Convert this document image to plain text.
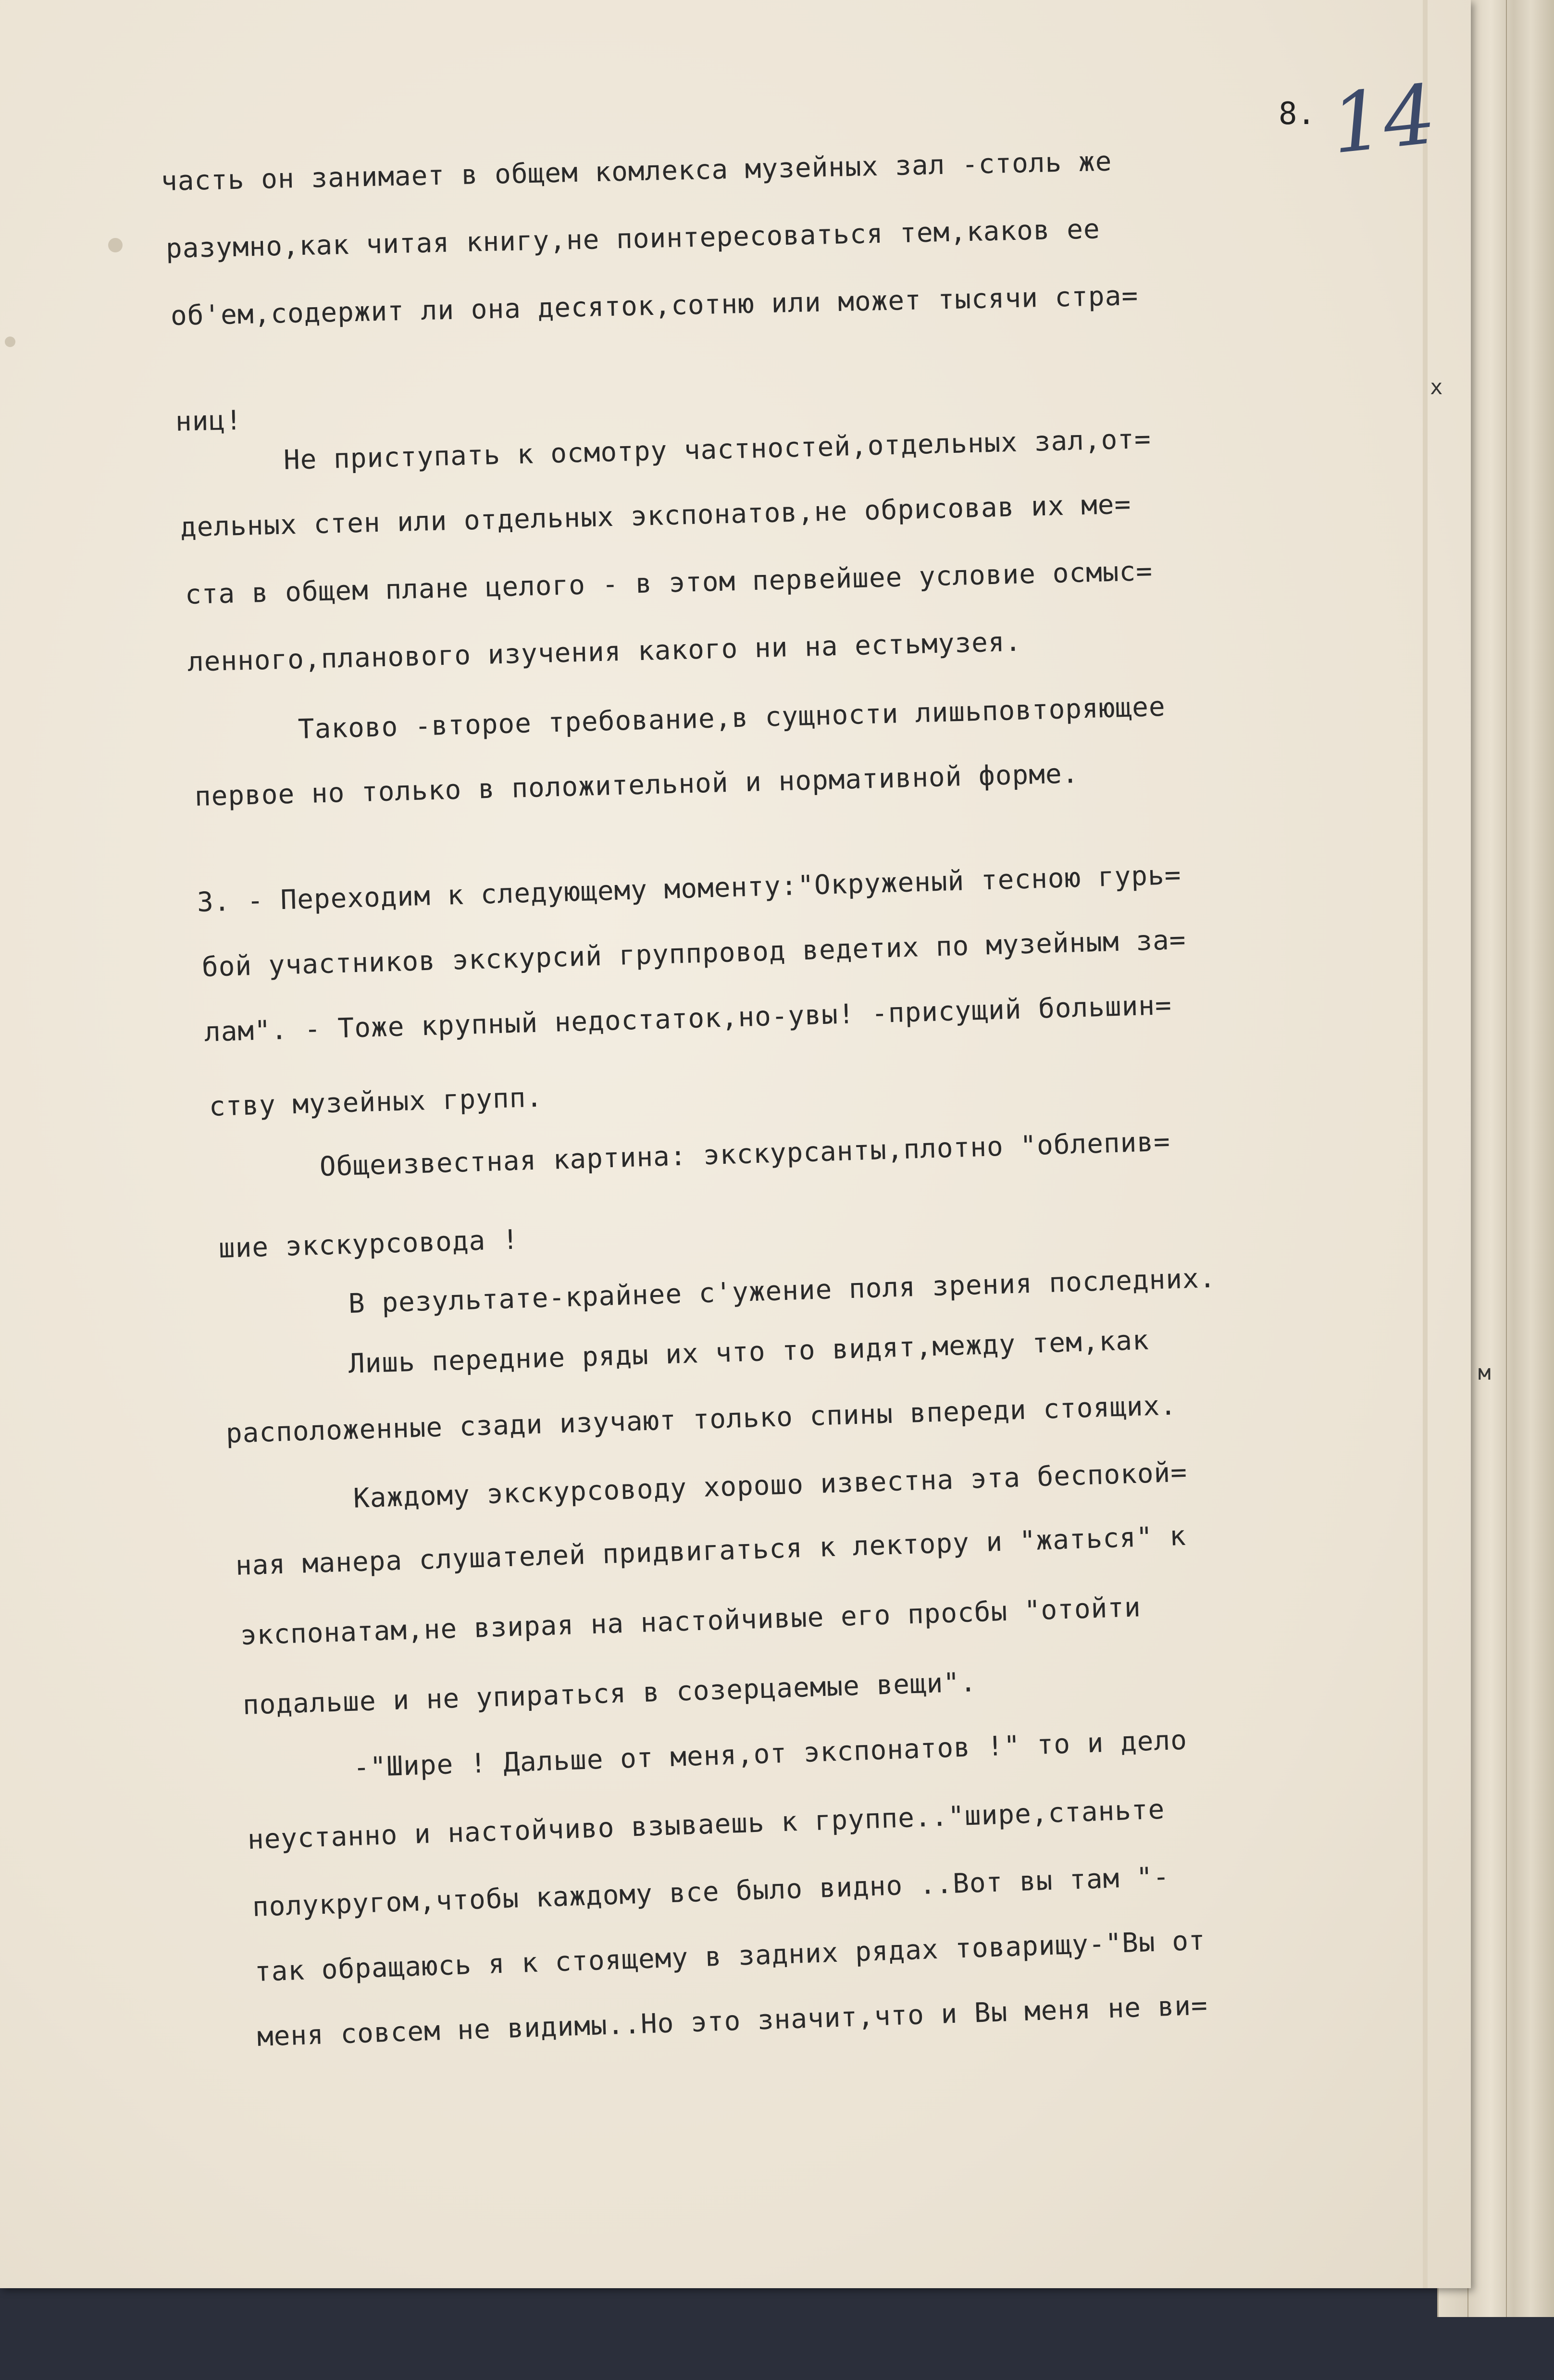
8. 14

x

м

часть он занимает в общем комлекса музейных зал -столь же

разумно,как читая книгу,не поинтересоваться тем,каков ее

об'ем,содержит ли она десяток,сотню или может тысячи стра=

ниц!

Не приступать к осмотру частностей,отдельных зал,от=

дельных стен или отдельных экспонатов,не обрисовав их ме=

ста в общем плане целого - в этом первейшее условие осмыс=

ленного,планового изучения какого ни на естьмузея.

Таково -второе требование,в сущности лишьповторяющее

первое но только в положительной и нормативной форме.

3. - Переходим к следующему моменту:"Окруженый тесною гурь=

бой участников экскурсий группровод ведетих по музейным за=

лам". - Тоже крупный недостаток,но-увы! -присущий большин=

ству музейных групп.

Общеизвестная картина: экскурсанты,плотно "облепив=

шие экскурсовода !

В результате-крайнее с'ужение поля зрения последних.

Лишь передние ряды их что то видят,между тем,как

расположенные сзади изучают только спины впереди стоящих.

Каждому экскурсоводу хорошо известна эта беспокой=

ная манера слушателей придвигаться к лектору и "жаться" к

экспонатам,не взирая на настойчивые его просбы "отойти

подальше и не упираться в созерцаемые вещи".

-"Шире ! Дальше от меня,от экспонатов !" то и дело

неустанно и настойчиво взываешь к группе.."шире,станьте

полукругом,чтобы каждому все было видно ..Вот вы там "-

так обращаюсь я к стоящему в задних рядах товарищу-"Вы от

меня совсем не видимы..Но это значит,что и Вы меня не ви=
